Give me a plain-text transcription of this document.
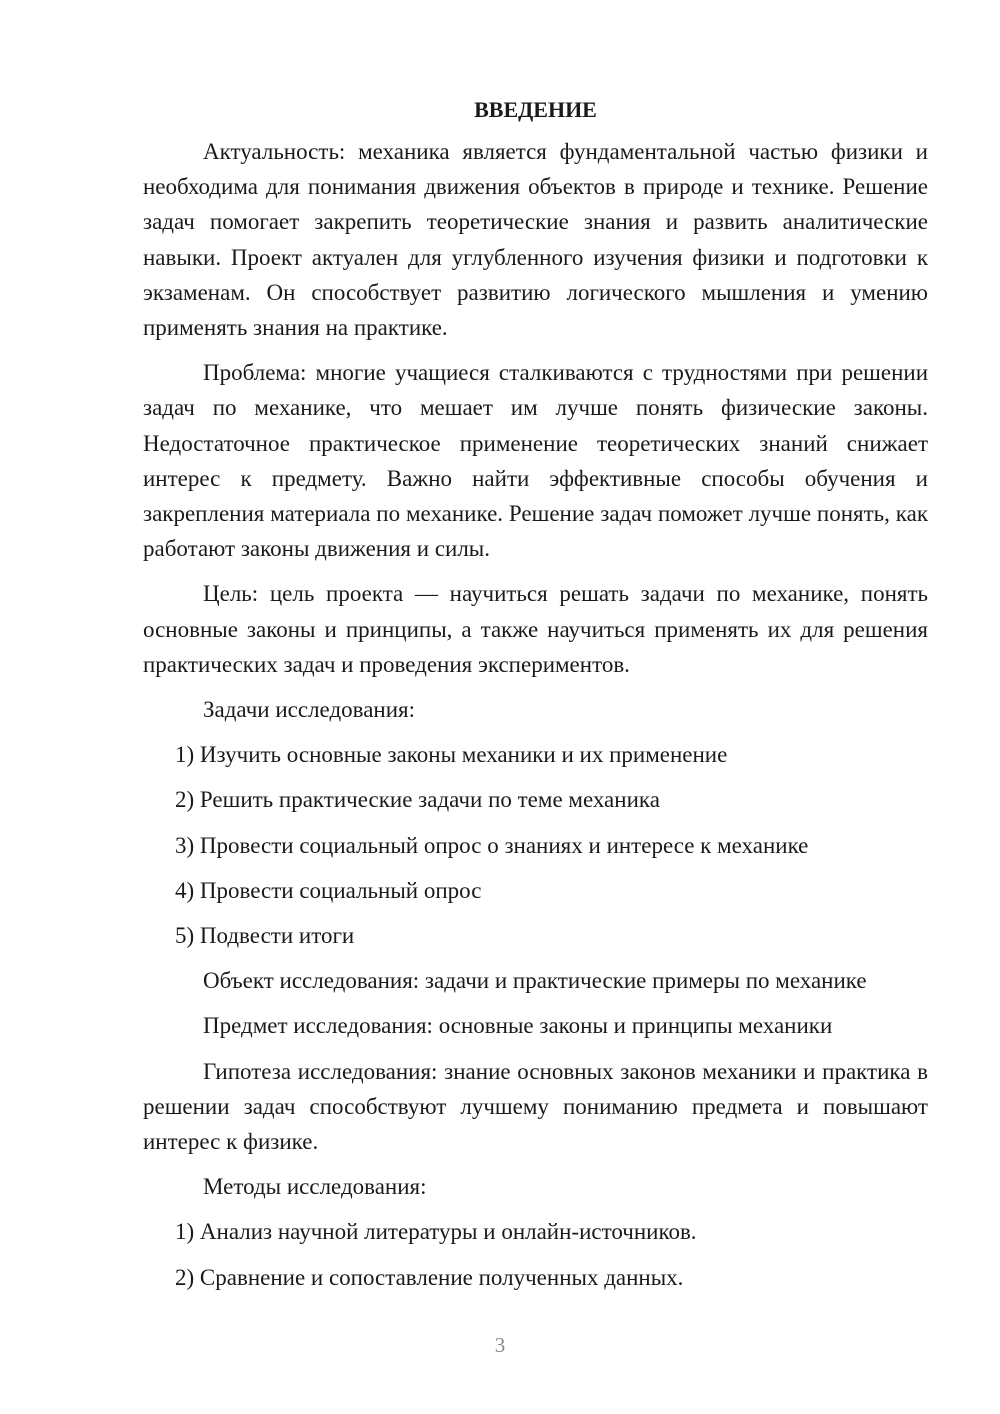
ВВЕДЕНИЕ
Актуальность: механика является фундаментальной частью физики и необходима для понимания движения объектов в природе и технике. Решение задач помогает закрепить теоретические знания и развить аналитические навыки. Проект актуален для углубленного изучения физики и подготовки к экзаменам. Он способствует развитию логического мышления и умению применять знания на практике.
Проблема: многие учащиеся сталкиваются с трудностями при решении задач по механике, что мешает им лучше понять физические законы. Недостаточное практическое применение теоретических знаний снижает интерес к предмету. Важно найти эффективные способы обучения и закрепления материала по механике. Решение задач поможет лучше понять, как работают законы движения и силы.
Цель: цель проекта — научиться решать задачи по механике, понять основные законы и принципы, а также научиться применять их для решения практических задач и проведения экспериментов.
Задачи исследования:
1) Изучить основные законы механики и их применение
2) Решить практические задачи по теме механика
3) Провести социальный опрос о знаниях и интересе к механике
4) Провести социальный опрос
5) Подвести итоги
Объект исследования: задачи и практические примеры по механике
Предмет исследования: основные законы и принципы механики
Гипотеза исследования: знание основных законов механики и практика в решении задач способствуют лучшему пониманию предмета и повышают интерес к физике.
Методы исследования:
1) Анализ научной литературы и онлайн-источников.
2) Сравнение и сопоставление полученных данных.
3
